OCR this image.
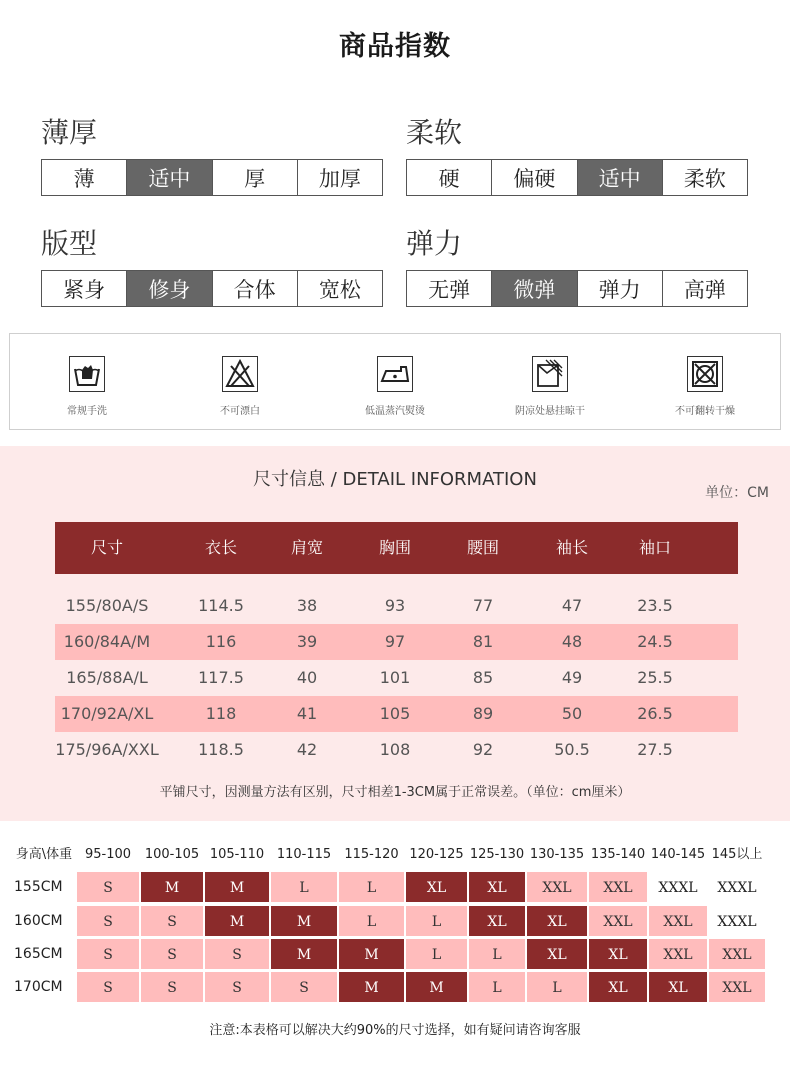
商品指数
薄厚
薄	适中	厚	加厚
柔软
硬	偏硬	适中	柔软
版型
紧身	修身	合体	宽松
弹力
无弹	微弹	弹力	高弹
常规手洗	不可漂白	低温蒸汽熨烫	阴凉处悬挂晾干	不可翻转干燥
尺寸信息 / DETAIL INFORMATION
单位：CM
尺寸	衣长	肩宽	胸围	腰围	袖长	袖口
155/80A/S	114.5	38	93	77	47	23.5
160/84A/M	116	39	97	81	48	24.5
165/88A/L	117.5	40	101	85	49	25.5
170/92A/XL	118	41	105	89	50	26.5
175/96A/XXL 118.5	42	108	92	50.5	27.5
平铺尺寸，因测量方法有区别，尺寸相差1-3CM属于正常误差。（单位：cm厘米）
身高\体重 95-100 100-105 105-110 110-115 115-120 120-125 125-130 130-135 135-140 140-145 145以上
155CM	S	M	M	L	L	XL	XL	XXL	XXL	XXXL	XXXL
160CM	S	S	M	M	L	L	XL	XL	XXL	XXL	XXXL
165CM	S	S	S	M	M	L	L	XL	XL	XXL	XXL
170CM	S	S	S	S	M	M	L	L	XL	XL	XXL
注意:本表格可以解决大约90%的尺寸选择，如有疑问请咨询客服
